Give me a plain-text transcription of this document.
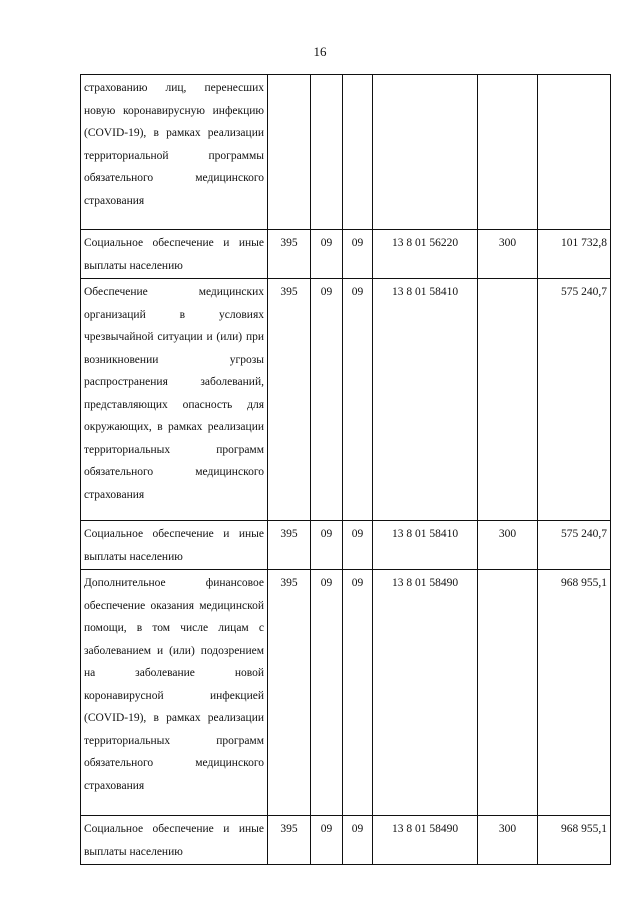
16
страхованию лиц, перенесших новую коронавирусную инфекцию (COVID-19), в рамках реализации территориальной программы обязательного медицинского страхования						
Социальное обеспечение и иные выплаты населению	395	09	09	13 8 01 56220	300	101 732,8
Обеспечение медицинских организаций в условиях чрезвычайной ситуации и (или) при возникновении угрозы распространения заболеваний, представляющих опасность для окружающих, в рамках реализации территориальных программ обязательного медицинского страхования	395	09	09	13 8 01 58410		575 240,7
Социальное обеспечение и иные выплаты населению	395	09	09	13 8 01 58410	300	575 240,7
Дополнительное финансовое обеспечение оказания медицинской помощи, в том числе лицам с заболеванием и (или) подозрением на заболевание новой коронавирусной инфекцией (COVID-19), в рамках реализации территориальных программ обязательного медицинского страхования	395	09	09	13 8 01 58490		968 955,1
Социальное обеспечение и иные выплаты населению	395	09	09	13 8 01 58490	300	968 955,1
